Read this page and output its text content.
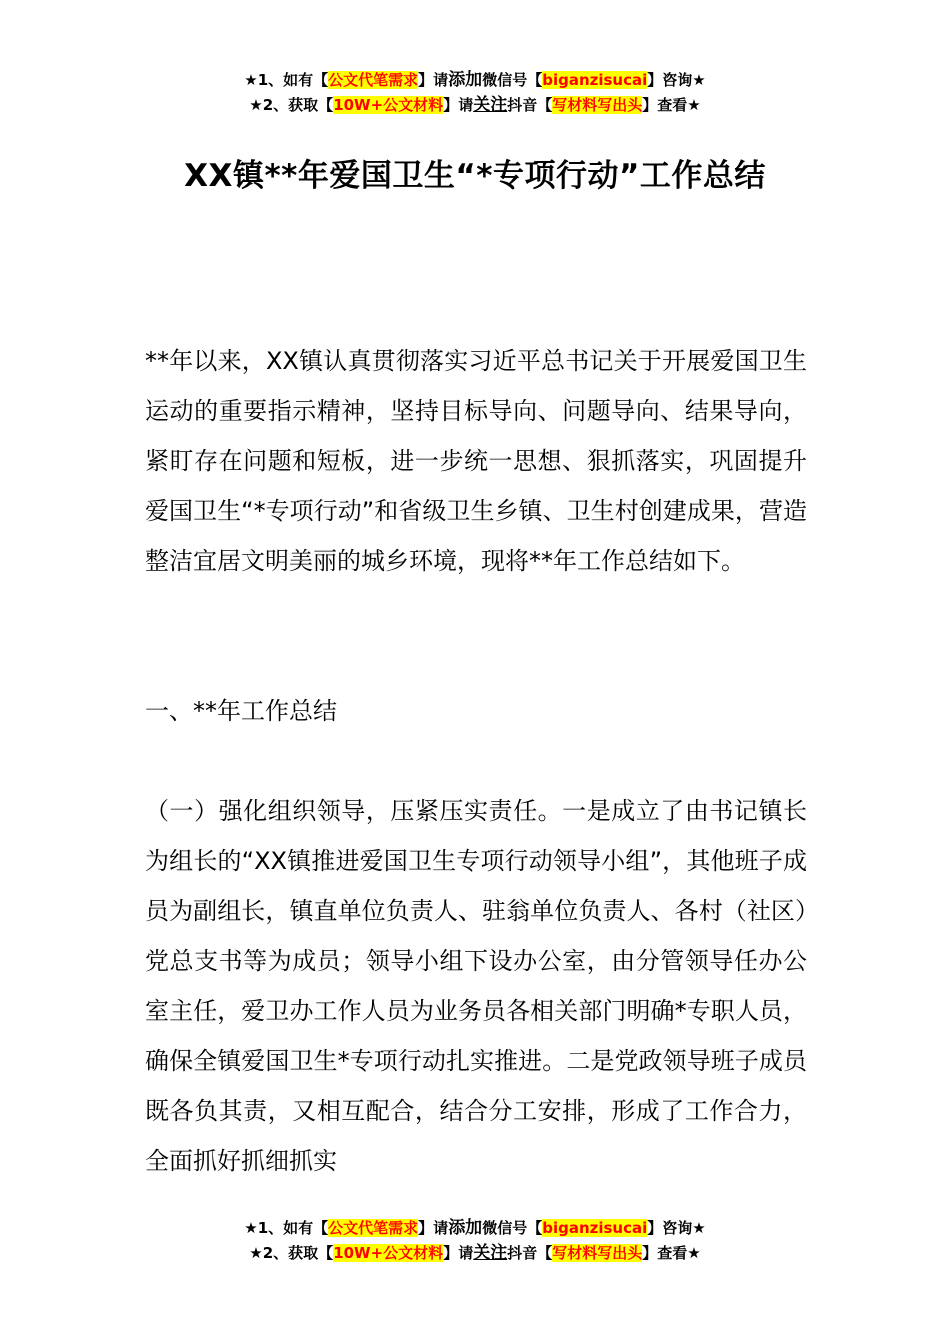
★1、如有【公文代笔需求】请添加微信号【biganzisucai】咨询★
★2、获取【10W+公文材料】请关注抖音【写材料写出头】查看★
XX镇**年爱国卫生“*专项行动”工作总结

**年以来，XX镇认真贯彻落实习近平总书记关于开展爱国卫生运动的重要指示精神，坚持目标导向、问题导向、结果导向，紧盯存在问题和短板，进一步统一思想、狠抓落实，巩固提升爱国卫生“*专项行动”和省级卫生乡镇、卫生村创建成果，营造整洁宜居文明美丽的城乡环境，现将**年工作总结如下。

一、**年工作总结

（一）强化组织领导，压紧压实责任。一是成立了由书记镇长为组长的“XX镇推进爱国卫生专项行动领导小组”，其他班子成员为副组长，镇直单位负责人、驻翁单位负责人、各村（社区）党总支书等为成员；领导小组下设办公室，由分管领导任办公室主任，爱卫办工作人员为业务员各相关部门明确*专职人员，确保全镇爱国卫生*专项行动扎实推进。二是党政领导班子成员既各负其责，又相互配合，结合分工安排，形成了工作合力，全面抓好抓细抓实

★1、如有【公文代笔需求】请添加微信号【biganzisucai】咨询★
★2、获取【10W+公文材料】请关注抖音【写材料写出头】查看★
